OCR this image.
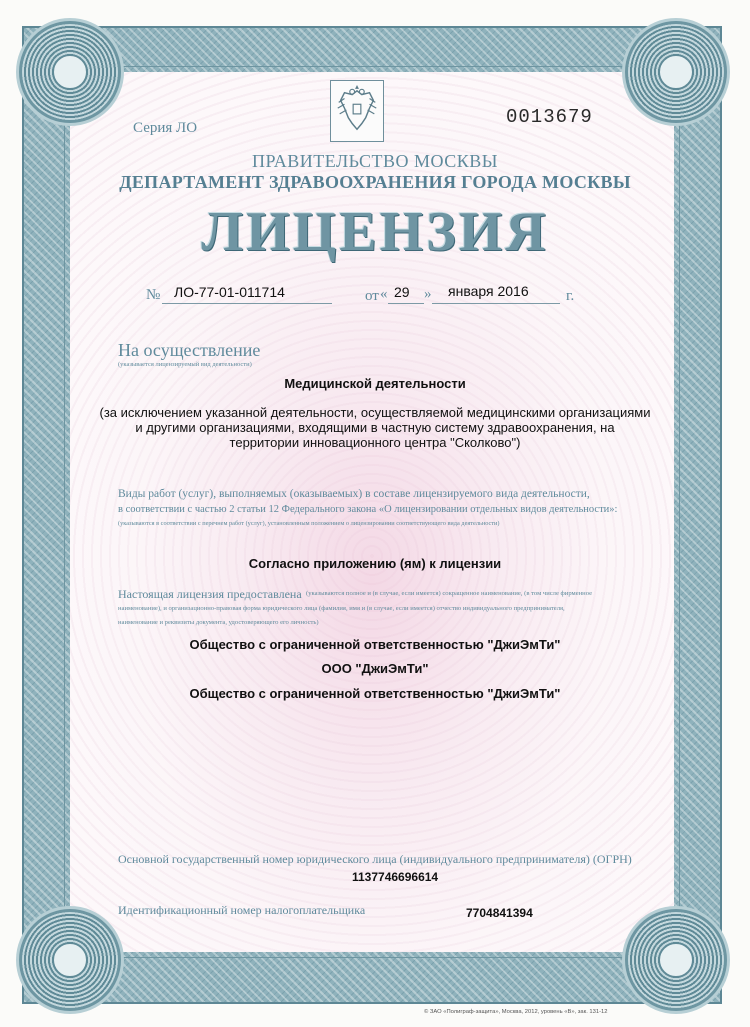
Серия ЛО	0013679
ПРАВИТЕЛЬСТВО МОСКВЫ
ДЕПАРТАМЕНТ ЗДРАВООХРАНЕНИЯ ГОРОДА МОСКВЫ
ЛИЦЕНЗИЯ
№ ЛО-77-01-011714	от « 29 » января 2016 г.
На осуществление
(указывается лицензируемый вид деятельности)
Медицинской деятельности
(за исключением указанной деятельности, осуществляемой медицинскими организациями
и другими организациями, входящими в частную систему здравоохранения, на
территории инновационного центра "Сколково")
Виды работ (услуг), выполняемых (оказываемых) в составе лицензируемого вида деятельности,
в соответствии с частью 2 статьи 12 Федерального закона «О лицензировании отдельных видов деятельности»:
(указываются в соответствии с перечнем работ (услуг), установленным положением о лицензировании соответствующего вида деятельности)
Согласно приложению (ям) к лицензии
Настоящая лицензия предоставлена (указываются полное и (в случае, если имеется) сокращенное наименование, (в том числе фирменное
наименование), и организационно-правовая форма юридического лица (фамилия, имя и (в случае, если имеется) отчество индивидуального предпринимателя,
наименование и реквизиты документа, удостоверяющего его личность)
Общество с ограниченной ответственностью "ДжиЭмТи"
ООО "ДжиЭмТи"
Общество с ограниченной ответственностью "ДжиЭмТи"
Основной государственный номер юридического лица (индивидуального предпринимателя) (ОГРН)
1137746696614
Идентификационный номер налогоплательщика	7704841394
© ЗАО «Полиграф-защита», Москва, 2012, уровень «В», зак. 131-12
